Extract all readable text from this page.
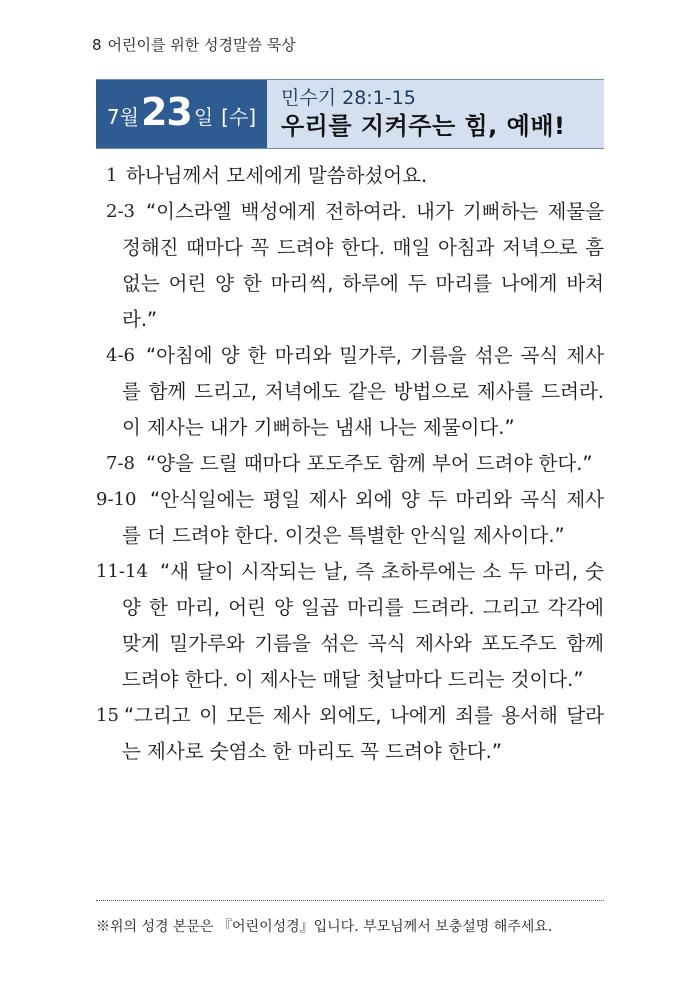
8 어린이를 위한 성경말씀 묵상
7월 23 일 [수]
민수기 28:1-15
우리를 지켜주는 힘, 예배!
1 하나님께서 모세에게 말씀하셨어요.
2-3 “이스라엘 백성에게 전하여라. 내가 기뻐하는 제물을 정해진 때마다 꼭 드려야 한다. 매일 아침과 저녁으로 흠 없는 어린 양 한 마리씩, 하루에 두 마리를 나에게 바쳐라.”
4-6 “아침에 양 한 마리와 밀가루, 기름을 섞은 곡식 제사를 함께 드리고, 저녁에도 같은 방법으로 제사를 드려라. 이 제사는 내가 기뻐하는 냄새 나는 제물이다.”
7-8 “양을 드릴 때마다 포도주도 함께 부어 드려야 한다.”
9-10 “안식일에는 평일 제사 외에 양 두 마리와 곡식 제사를 더 드려야 한다. 이것은 특별한 안식일 제사이다.”
11-14 “새 달이 시작되는 날, 즉 초하루에는 소 두 마리, 숫양 한 마리, 어린 양 일곱 마리를 드려라. 그리고 각각에 맞게 밀가루와 기름을 섞은 곡식 제사와 포도주도 함께 드려야 한다. 이 제사는 매달 첫날마다 드리는 것이다.”
15 “그리고 이 모든 제사 외에도, 나에게 죄를 용서해 달라는 제사로 숫염소 한 마리도 꼭 드려야 한다.”
※위의 성경 본문은 『어린이성경』입니다. 부모님께서 보충설명 해주세요.
